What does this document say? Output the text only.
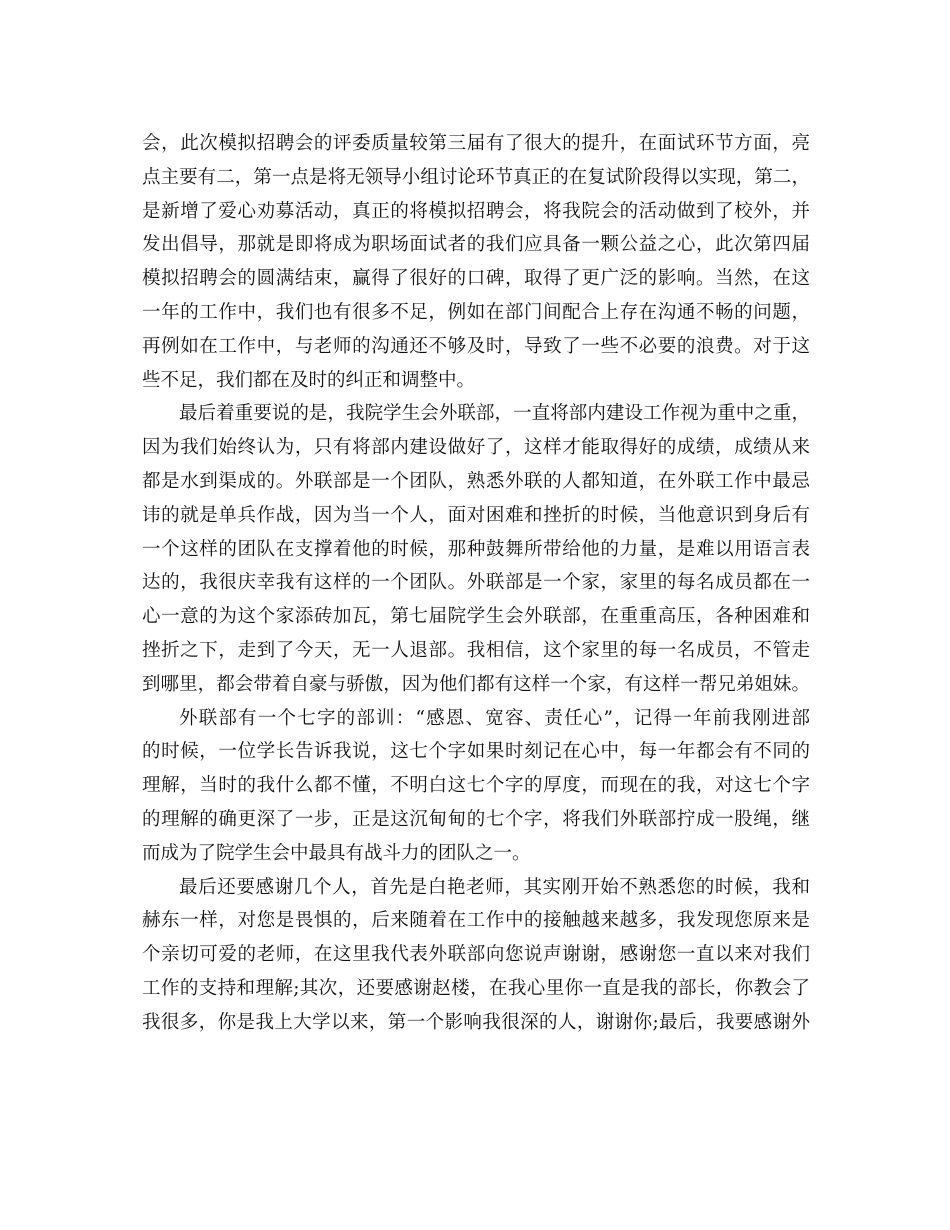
会，此次模拟招聘会的评委质量较第三届有了很大的提升，在面试环节方面，亮
点主要有二，第一点是将无领导小组讨论环节真正的在复试阶段得以实现，第二，
是新增了爱心劝募活动，真正的将模拟招聘会，将我院会的活动做到了校外，并
发出倡导，那就是即将成为职场面试者的我们应具备一颗公益之心，此次第四届
模拟招聘会的圆满结束，赢得了很好的口碑，取得了更广泛的影响。当然，在这
一年的工作中，我们也有很多不足，例如在部门间配合上存在沟通不畅的问题，
再例如在工作中，与老师的沟通还不够及时，导致了一些不必要的浪费。对于这
些不足，我们都在及时的纠正和调整中。
最后着重要说的是，我院学生会外联部，一直将部内建设工作视为重中之重，
因为我们始终认为，只有将部内建设做好了，这样才能取得好的成绩，成绩从来
都是水到渠成的。外联部是一个团队，熟悉外联的人都知道，在外联工作中最忌
讳的就是单兵作战，因为当一个人，面对困难和挫折的时候，当他意识到身后有
一个这样的团队在支撑着他的时候，那种鼓舞所带给他的力量，是难以用语言表
达的，我很庆幸我有这样的一个团队。外联部是一个家，家里的每名成员都在一
心一意的为这个家添砖加瓦，第七届院学生会外联部，在重重高压，各种困难和
挫折之下，走到了今天，无一人退部。我相信，这个家里的每一名成员，不管走
到哪里，都会带着自豪与骄傲，因为他们都有这样一个家，有这样一帮兄弟姐妹。
外联部有一个七字的部训：“感恩、宽容、责任心”，记得一年前我刚进部
的时候，一位学长告诉我说，这七个字如果时刻记在心中，每一年都会有不同的
理解，当时的我什么都不懂，不明白这七个字的厚度，而现在的我，对这七个字
的理解的确更深了一步，正是这沉甸甸的七个字，将我们外联部拧成一股绳，继
而成为了院学生会中最具有战斗力的团队之一。
最后还要感谢几个人，首先是白艳老师，其实刚开始不熟悉您的时候，我和
赫东一样，对您是畏惧的，后来随着在工作中的接触越来越多，我发现您原来是
个亲切可爱的老师，在这里我代表外联部向您说声谢谢，感谢您一直以来对我们
工作的支持和理解;其次，还要感谢赵楼，在我心里你一直是我的部长，你教会了
我很多，你是我上大学以来，第一个影响我很深的人，谢谢你;最后，我要感谢外
